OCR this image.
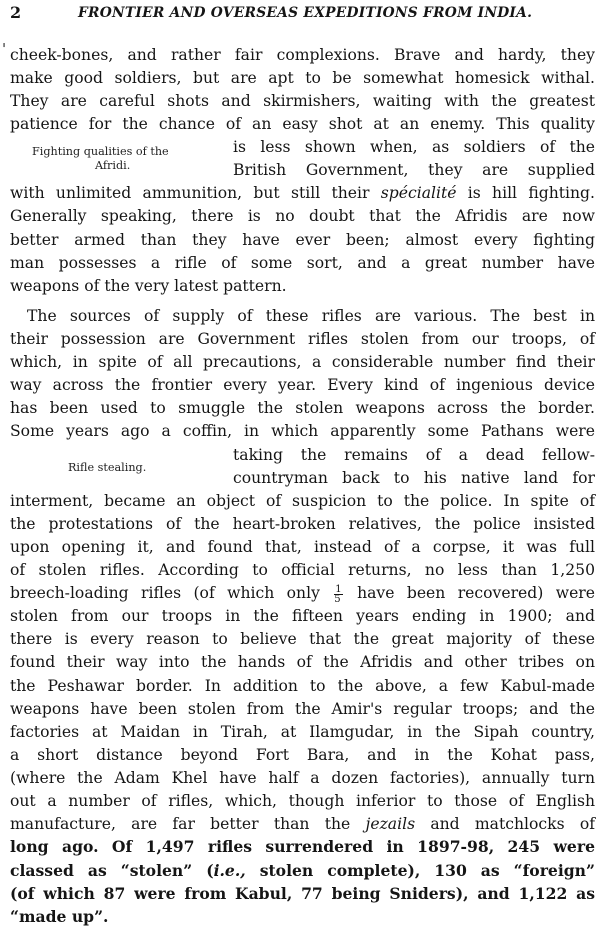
2	FRONTIER AND OVERSEAS EXPEDITIONS FROM INDIA.
'
Fighting qualities of the
Afridi.
Rifle stealing.
cheek-bones, and rather fair complexions. Brave and hardy, they
make good soldiers, but are apt to be somewhat homesick withal.
They are careful shots and skirmishers, waiting with the greatest
patience for the chance of an easy shot at an enemy. This quality
is less shown when, as soldiers of the
British Government, they are supplied
with unlimited ammunition, but still their spécialité is hill fighting.
Generally speaking, there is no doubt that the Afridis are now
better armed than they have ever been; almost every fighting
man possesses a rifle of some sort, and a great number have
weapons of the very latest pattern.
The sources of supply of these rifles are various. The best in
their possession are Government rifles stolen from our troops, of
which, in spite of all precautions, a considerable number find their
way across the frontier every year. Every kind of ingenious device
has been used to smuggle the stolen weapons across the border.
Some years ago a coffin, in which apparently some Pathans were
taking the remains of a dead fellow-
countryman back to his native land for
interment, became an object of suspicion to the police. In spite of
the protestations of the heart-broken relatives, the police insisted
upon opening it, and found that, instead of a corpse, it was full
of stolen rifles. According to official returns, no less than 1,250
breech-loading rifles (of which only $\frac{1}{5}$ have been recovered) were
stolen from our troops in the fifteen years ending in 1900; and
there is every reason to believe that the great majority of these
found their way into the hands of the Afridis and other tribes on
the Peshawar border. In addition to the above, a few Kabul-made
weapons have been stolen from the Amir's regular troops; and the
factories at Maidan in Tirah, at Ilamgudar, in the Sipah country,
a short distance beyond Fort Bara, and in the Kohat pass,
(where the Adam Khel have half a dozen factories), annually turn
out a number of rifles, which, though inferior to those of English
manufacture, are far better than the jezails and matchlocks of
long ago. Of 1,497 rifles surrendered in 1897-98, 245 were
classed as “stolen” (i.e., stolen complete), 130 as “foreign”
(of which 87 were from Kabul, 77 being Sniders), and 1,122 as
“made up”.
